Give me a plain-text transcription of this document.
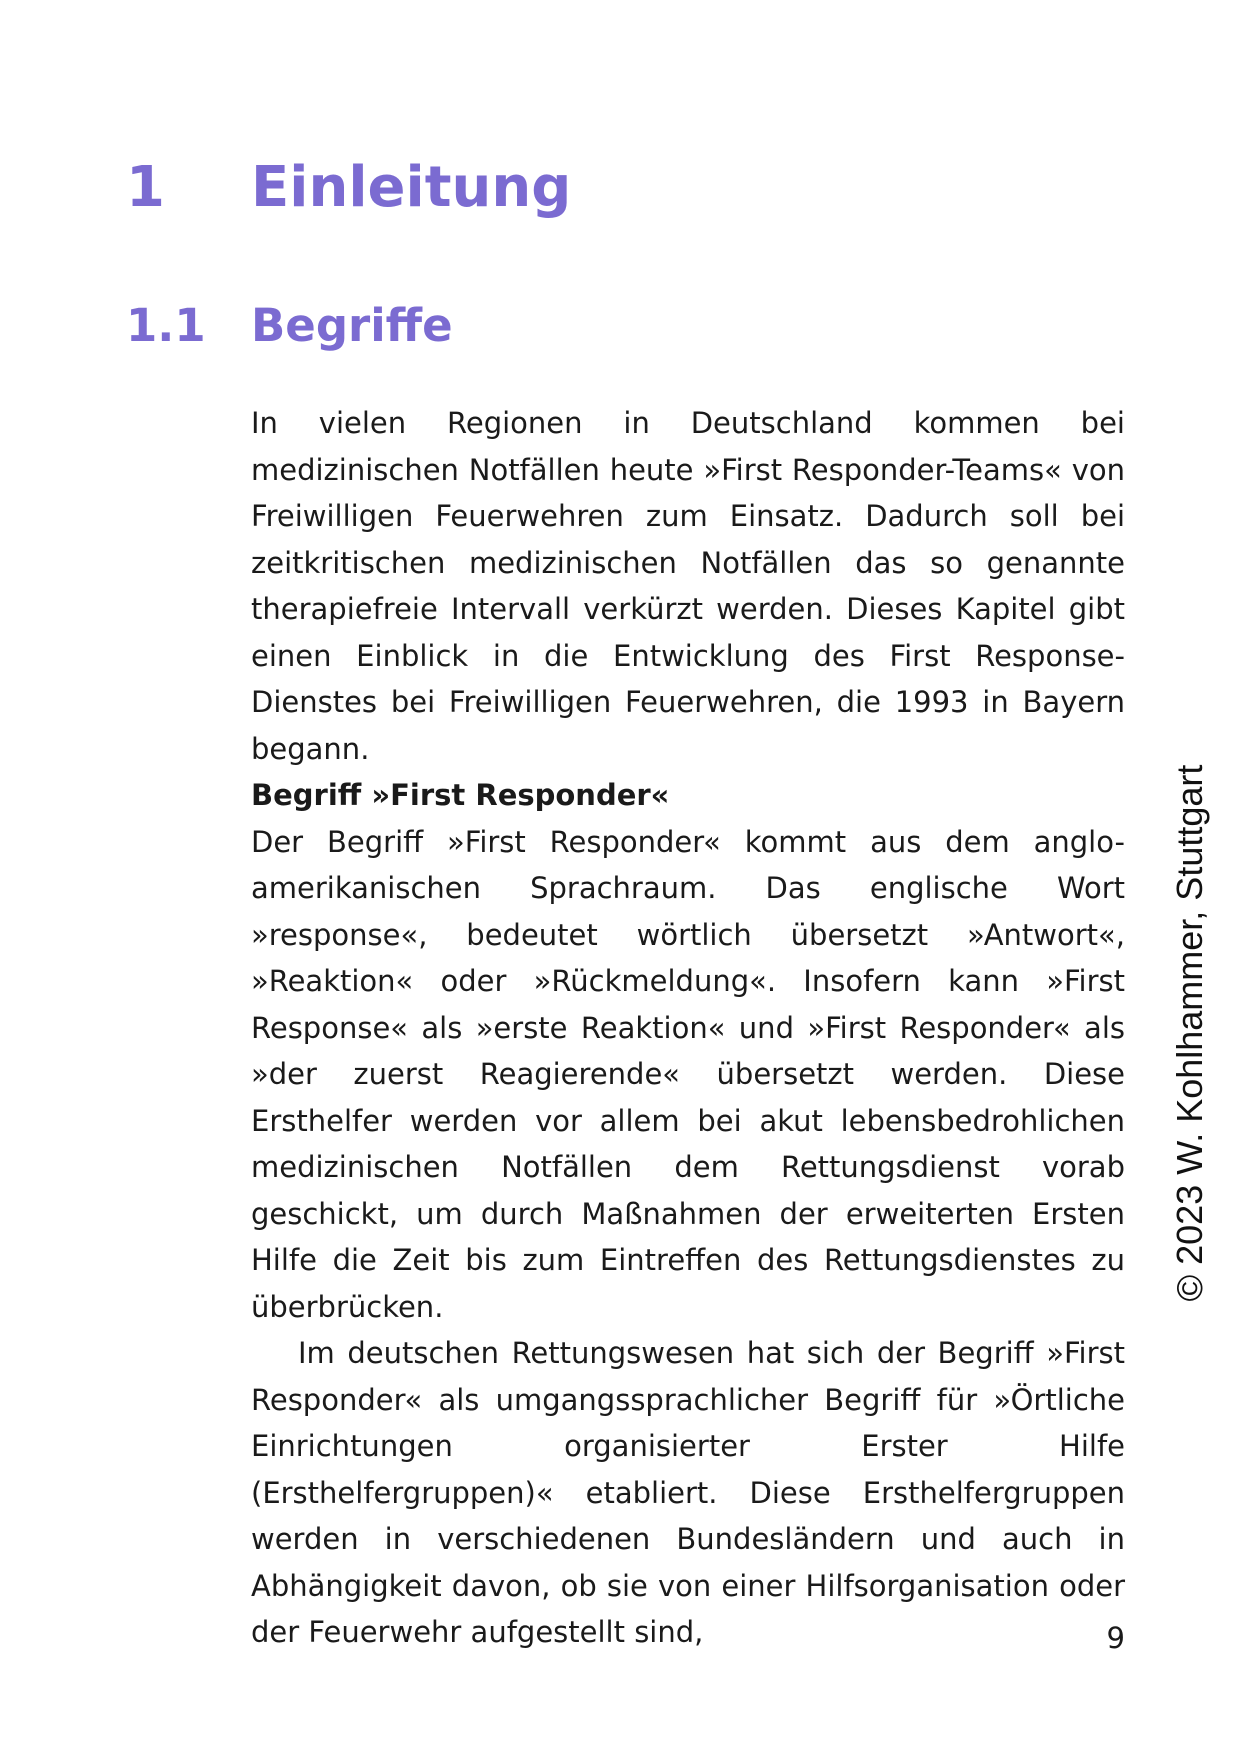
1	Einleitung
1.1	Begriffe

In vielen Regionen in Deutschland kommen bei medizinischen Notfällen heute »First Responder-Teams« von Freiwilligen Feuerwehren zum Einsatz. Dadurch soll bei zeitkritischen medizinischen Notfällen das so genannte therapiefreie Intervall verkürzt werden. Dieses Kapitel gibt einen Einblick in die Entwicklung des First Response-Dienstes bei Freiwilligen Feuerwehren, die 1993 in Bayern begann.

Begriff »First Responder«

Der Begriff »First Responder« kommt aus dem anglo-amerikanischen Sprachraum. Das englische Wort »response«, bedeutet wörtlich übersetzt »Antwort«, »Reaktion« oder »Rückmeldung«. Insofern kann »First Response« als »erste Reaktion« und »First Responder« als »der zuerst Reagierende« übersetzt werden. Diese Ersthelfer werden vor allem bei akut lebensbedrohlichen medizinischen Notfällen dem Rettungsdienst vorab geschickt, um durch Maßnahmen der erweiterten Ersten Hilfe die Zeit bis zum Eintreffen des Rettungsdienstes zu überbrücken.

Im deutschen Rettungswesen hat sich der Begriff »First Responder« als umgangssprachlicher Begriff für »Örtliche Einrichtungen organisierter Erster Hilfe (Ersthelfergruppen)« etabliert. Diese Ersthelfergruppen werden in verschiedenen Bundesländern und auch in Abhängigkeit davon, ob sie von einer Hilfsorganisation oder der Feuerwehr aufgestellt sind,

© 2023 W. Kohlhammer, Stuttgart
9
